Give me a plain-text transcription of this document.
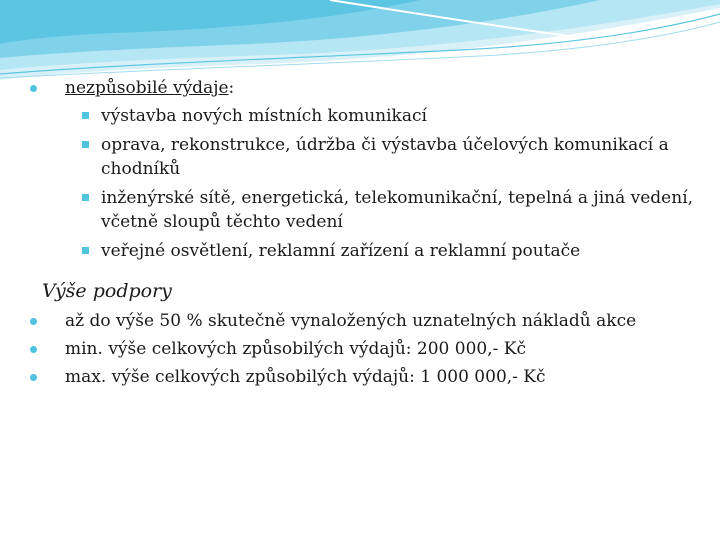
nezpůsobilé výdaje:
výstavba nových místních komunikací
oprava, rekonstrukce, údržba či výstavba účelových komunikací a chodníků
inženýrské sítě, energetická, telekomunikační, tepelná a jiná vedení, včetně sloupů těchto vedení
veřejné osvětlení, reklamní zařízení a reklamní poutače
Výše podpory
až do výše 50 % skutečně vynaložených uznatelných nákladů akce
min. výše celkových způsobilých výdajů: 200 000,- Kč
max. výše celkových způsobilých výdajů: 1 000 000,- Kč
